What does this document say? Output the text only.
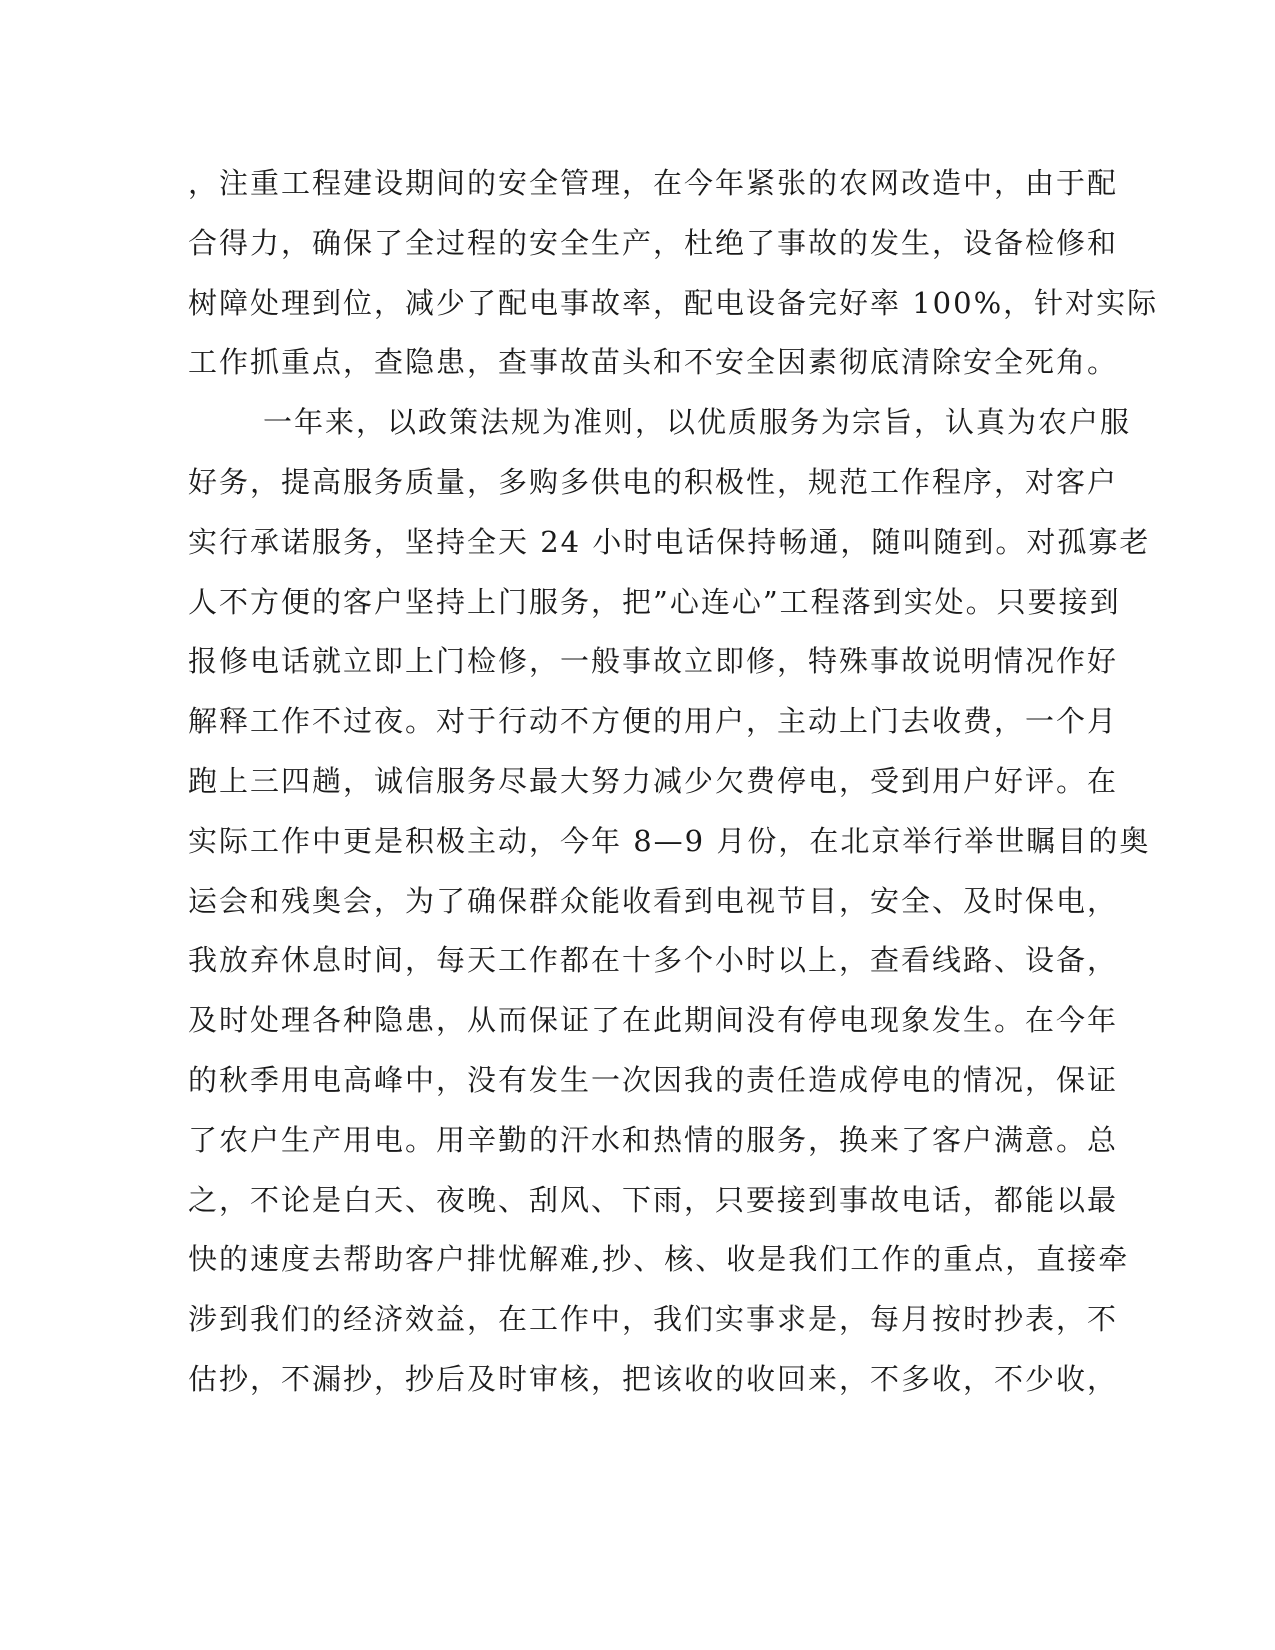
，注重工程建设期间的安全管理，在今年紧张的农网改造中，由于配
合得力，确保了全过程的安全生产，杜绝了事故的发生，设备检修和
树障处理到位，减少了配电事故率，配电设备完好率 100%，针对实际
工作抓重点，查隐患，查事故苗头和不安全因素彻底清除安全死角。
一年来，以政策法规为准则，以优质服务为宗旨，认真为农户服
好务，提高服务质量，多购多供电的积极性，规范工作程序，对客户
实行承诺服务，坚持全天 24 小时电话保持畅通，随叫随到。对孤寡老
人不方便的客户坚持上门服务，把”心连心”工程落到实处。只要接到
报修电话就立即上门检修，一般事故立即修，特殊事故说明情况作好
解释工作不过夜。对于行动不方便的用户，主动上门去收费，一个月
跑上三四趟，诚信服务尽最大努力减少欠费停电，受到用户好评。在
实际工作中更是积极主动，今年 8—9 月份，在北京举行举世瞩目的奥
运会和残奥会，为了确保群众能收看到电视节目，安全、及时保电，
我放弃休息时间，每天工作都在十多个小时以上，查看线路、设备，
及时处理各种隐患，从而保证了在此期间没有停电现象发生。在今年
的秋季用电高峰中，没有发生一次因我的责任造成停电的情况，保证
了农户生产用电。用辛勤的汗水和热情的服务，换来了客户满意。总
之，不论是白天、夜晚、刮风、下雨，只要接到事故电话，都能以最
快的速度去帮助客户排忧解难,抄、核、收是我们工作的重点，直接牵
涉到我们的经济效益，在工作中，我们实事求是，每月按时抄表，不
估抄，不漏抄，抄后及时审核，把该收的收回来，不多收，不少收，
